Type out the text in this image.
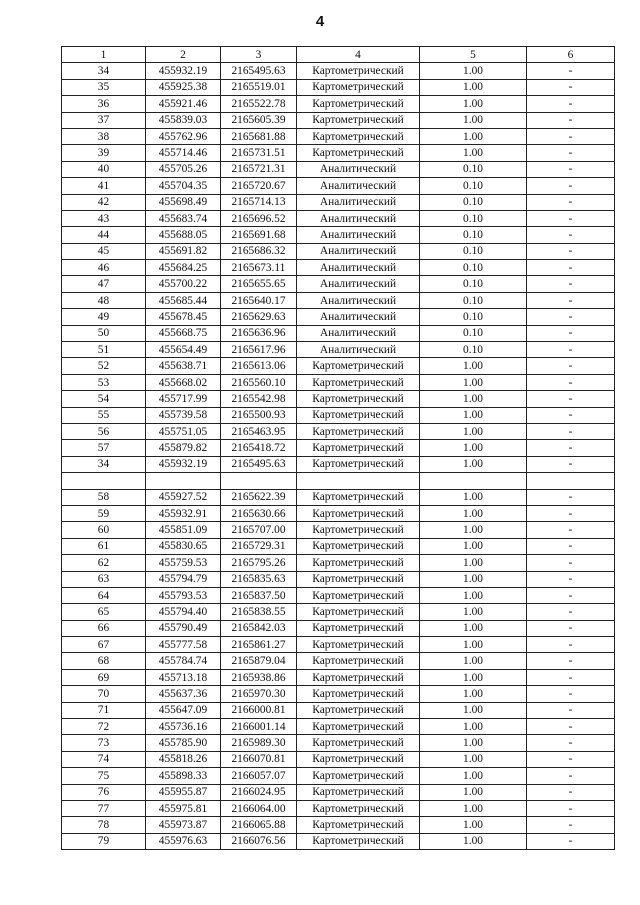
4
1	2	3	4	5	6
34	455932.19	2165495.63	Картометрический	1.00	-
35	455925.38	2165519.01	Картометрический	1.00	-
36	455921.46	2165522.78	Картометрический	1.00	-
37	455839.03	2165605.39	Картометрический	1.00	-
38	455762.96	2165681.88	Картометрический	1.00	-
39	455714.46	2165731.51	Картометрический	1.00	-
40	455705.26	2165721.31	Аналитический	0.10	-
41	455704.35	2165720.67	Аналитический	0.10	-
42	455698.49	2165714.13	Аналитический	0.10	-
43	455683.74	2165696.52	Аналитический	0.10	-
44	455688.05	2165691.68	Аналитический	0.10	-
45	455691.82	2165686.32	Аналитический	0.10	-
46	455684.25	2165673.11	Аналитический	0.10	-
47	455700.22	2165655.65	Аналитический	0.10	-
48	455685.44	2165640.17	Аналитический	0.10	-
49	455678.45	2165629.63	Аналитический	0.10	-
50	455668.75	2165636.96	Аналитический	0.10	-
51	455654.49	2165617.96	Аналитический	0.10	-
52	455638.71	2165613.06	Картометрический	1.00	-
53	455668.02	2165560.10	Картометрический	1.00	-
54	455717.99	2165542.98	Картометрический	1.00	-
55	455739.58	2165500.93	Картометрический	1.00	-
56	455751.05	2165463.95	Картометрический	1.00	-
57	455879.82	2165418.72	Картометрический	1.00	-
34	455932.19	2165495.63	Картометрический	1.00	-

58	455927.52	2165622.39	Картометрический	1.00	-
59	455932.91	2165630.66	Картометрический	1.00	-
60	455851.09	2165707.00	Картометрический	1.00	-
61	455830.65	2165729.31	Картометрический	1.00	-
62	455759.53	2165795.26	Картометрический	1.00	-
63	455794.79	2165835.63	Картометрический	1.00	-
64	455793.53	2165837.50	Картометрический	1.00	-
65	455794.40	2165838.55	Картометрический	1.00	-
66	455790.49	2165842.03	Картометрический	1.00	-
67	455777.58	2165861.27	Картометрический	1.00	-
68	455784.74	2165879.04	Картометрический	1.00	-
69	455713.18	2165938.86	Картометрический	1.00	-
70	455637.36	2165970.30	Картометрический	1.00	-
71	455647.09	2166000.81	Картометрический	1.00	-
72	455736.16	2166001.14	Картометрический	1.00	-
73	455785.90	2165989.30	Картометрический	1.00	-
74	455818.26	2166070.81	Картометрический	1.00	-
75	455898.33	2166057.07	Картометрический	1.00	-
76	455955.87	2166024.95	Картометрический	1.00	-
77	455975.81	2166064.00	Картометрический	1.00	-
78	455973.87	2166065.88	Картометрический	1.00	-
79	455976.63	2166076.56	Картометрический	1.00	-
